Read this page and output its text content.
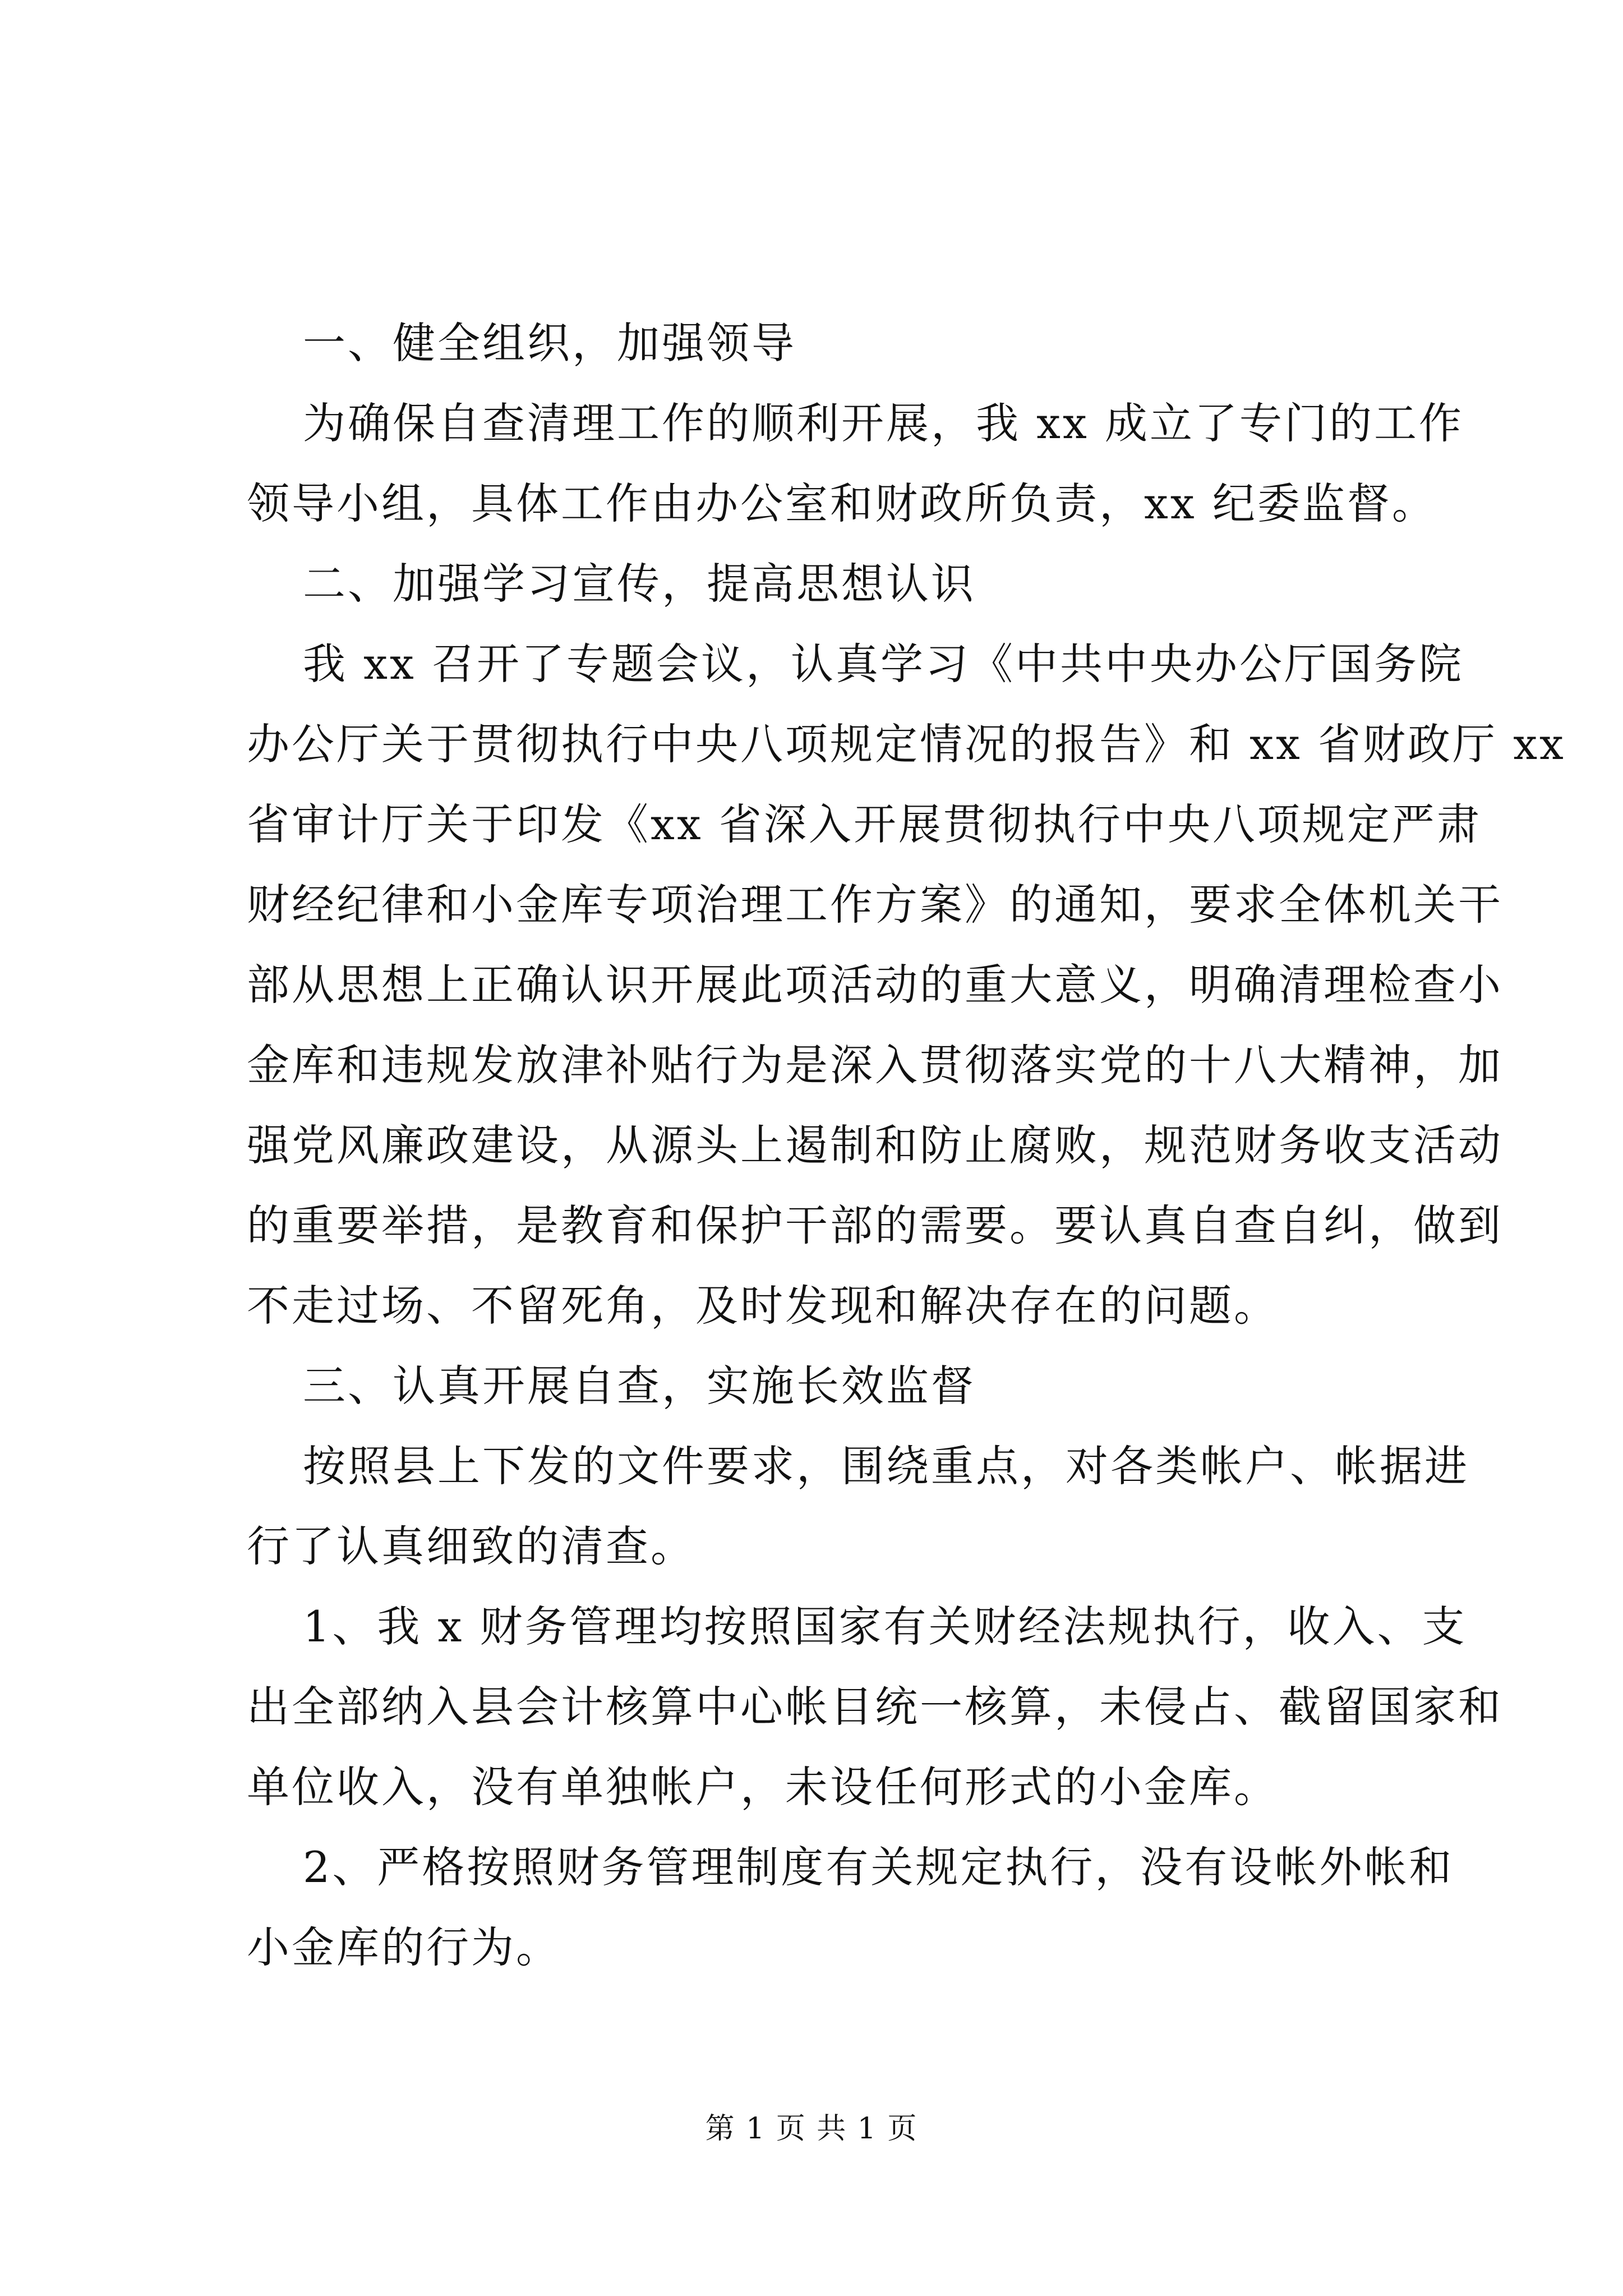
一、健全组织，加强领导
为确保自查清理工作的顺利开展，我 xx 成立了专门的工作
领导小组，具体工作由办公室和财政所负责，xx 纪委监督。
二、加强学习宣传，提高思想认识
我 xx 召开了专题会议，认真学习《中共中央办公厅国务院
办公厅关于贯彻执行中央八项规定情况的报告》和 xx 省财政厅 xx
省审计厅关于印发《xx 省深入开展贯彻执行中央八项规定严肃
财经纪律和小金库专项治理工作方案》的通知，要求全体机关干
部从思想上正确认识开展此项活动的重大意义，明确清理检查小
金库和违规发放津补贴行为是深入贯彻落实党的十八大精神，加
强党风廉政建设，从源头上遏制和防止腐败，规范财务收支活动
的重要举措，是教育和保护干部的需要。要认真自查自纠，做到
不走过场、不留死角，及时发现和解决存在的问题。
三、认真开展自查，实施长效监督
按照县上下发的文件要求，围绕重点，对各类帐户、帐据进
行了认真细致的清查。
1、我 x 财务管理均按照国家有关财经法规执行，收入、支
出全部纳入县会计核算中心帐目统一核算，未侵占、截留国家和
单位收入，没有单独帐户，未设任何形式的小金库。
2、严格按照财务管理制度有关规定执行，没有设帐外帐和
小金库的行为。
第 1 页 共 1 页
